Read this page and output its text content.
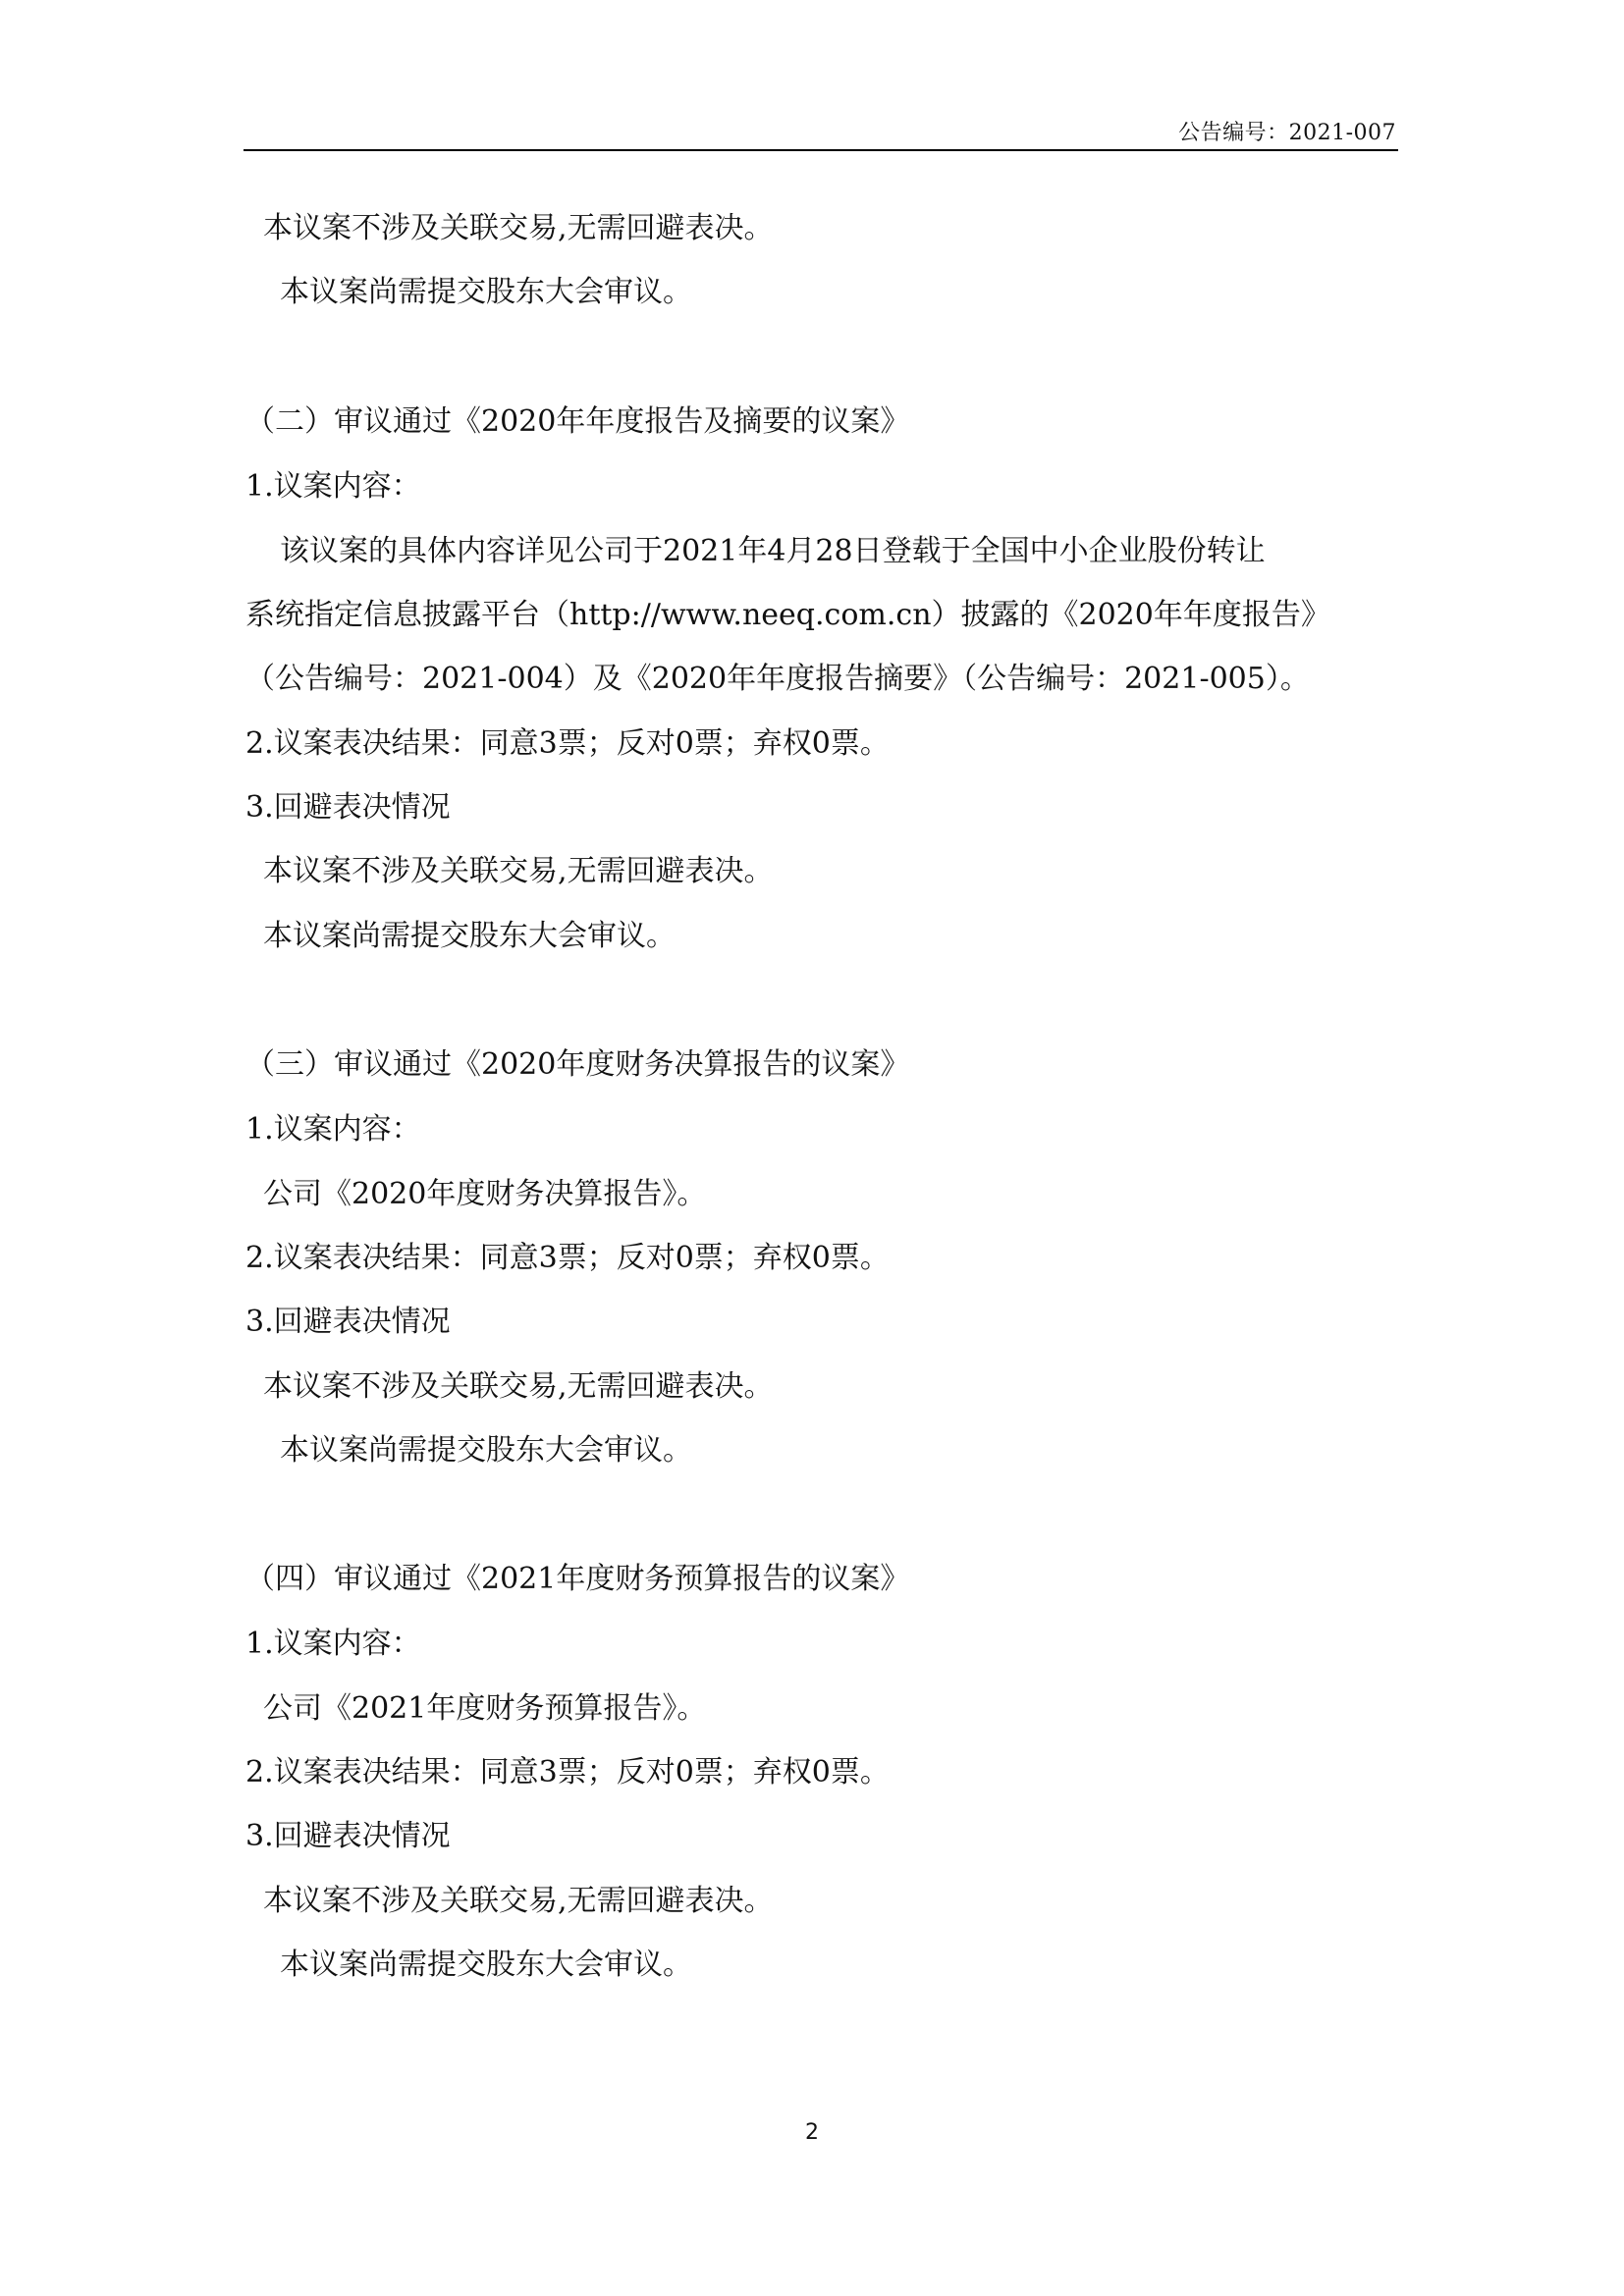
公告编号：2021-007
本议案不涉及关联交易,无需回避表决。
本议案尚需提交股东大会审议。
（二）审议通过《2020年年度报告及摘要的议案》
1.议案内容：
该议案的具体内容详见公司于2021年4月28日登载于全国中小企业股份转让
系统指定信息披露平台（http://www.neeq.com.cn）披露的《2020年年度报告》
（公告编号：2021-004）及《2020年年度报告摘要》（公告编号：2021-005）。
2.议案表决结果：同意3票；反对0票；弃权0票。
3.回避表决情况
本议案不涉及关联交易,无需回避表决。
本议案尚需提交股东大会审议。
（三）审议通过《2020年度财务决算报告的议案》
1.议案内容：
公司《2020年度财务决算报告》。
2.议案表决结果：同意3票；反对0票；弃权0票。
3.回避表决情况
本议案不涉及关联交易,无需回避表决。
本议案尚需提交股东大会审议。
（四）审议通过《2021年度财务预算报告的议案》
1.议案内容：
公司《2021年度财务预算报告》。
2.议案表决结果：同意3票；反对0票；弃权0票。
3.回避表决情况
本议案不涉及关联交易,无需回避表决。
本议案尚需提交股东大会审议。
2
